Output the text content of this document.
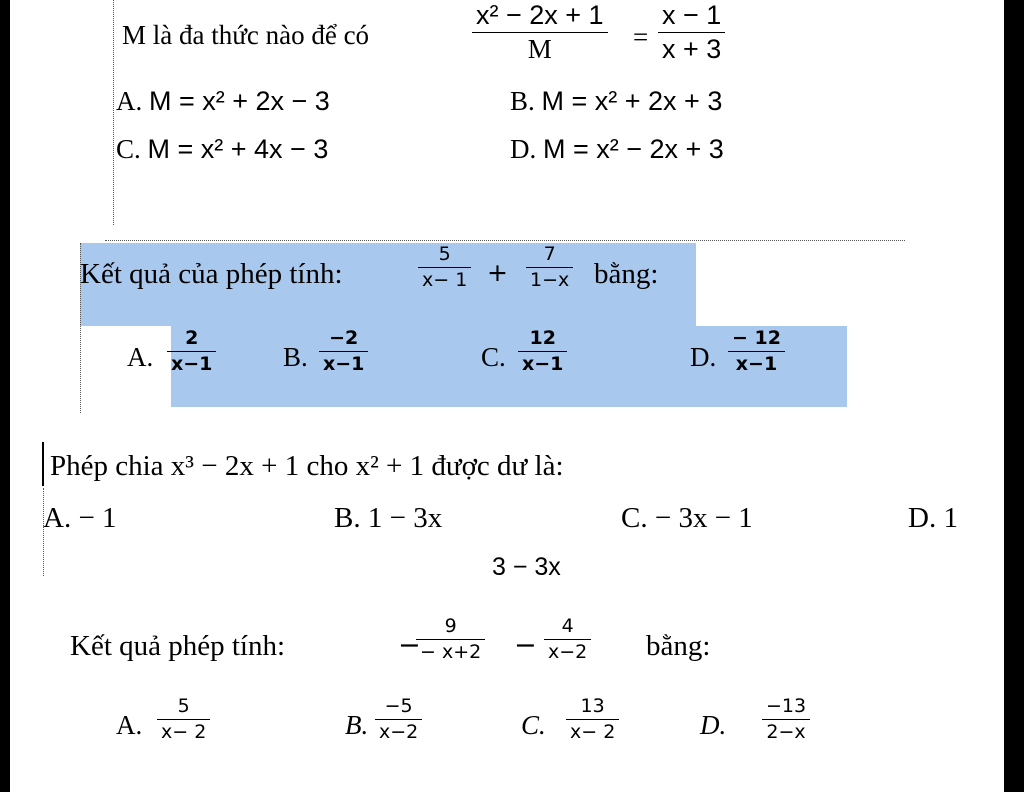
M là đa thức nào để có
x² − 2x + 1
M	=
x − 1
x + 3
A. M = x² + 2x − 3	B. M = x² + 2x + 3
C. M = x² + 4x − 3	D. M = x² − 2x + 3
Kết quả của phép tính:
5
x− 1 +
7
1−x bằng:
A.
2
x−1	B.
−2
x−1	C.
12
x−1	D.
− 12
x−1
Phép chia x³ − 2x + 1 cho x² + 1 được dư là:
A. − 1	B. 1 − 3x	C. − 3x − 1	D. 1
3 − 3x
Kết quả phép tính:	−
9
− x+2 −
4
x−2 bằng:
A.
5
x− 2	B.
−5
x−2	C.
13
x− 2	D.
−13
2−x
